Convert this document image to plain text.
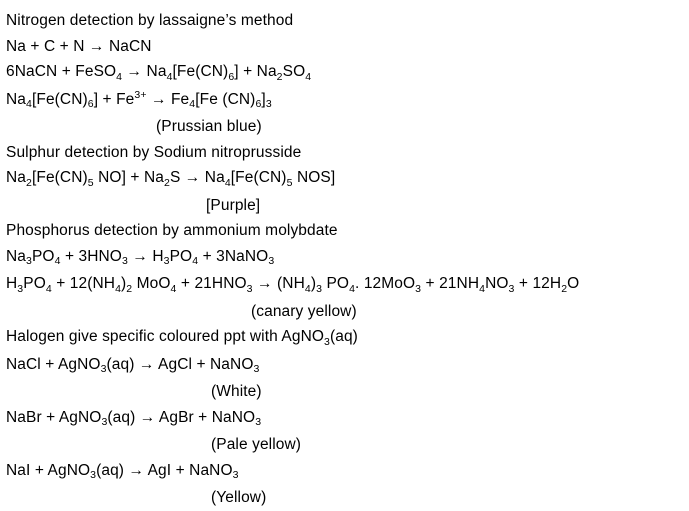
Nitrogen detection by lassaigne’s method
Na + C + N → NaCN
6NaCN + FeSO$_4$ → $Na_4[Fe(CN)_6] + Na_2SO_4$
$Na_4[Fe(CN)_6] + Fe^{3+} \to Fe_4[Fe$ $(CN)_6]_3$
(Prussian blue)
Sulphur detection by Sodium nitroprusside
$Na_2[Fe(CN)_5$ $NO] + Na_2S \to Na_4[Fe(CN)_5$ NOS]
[Purple]
Phosphorus detection by ammonium molybdate
$Na_3PO_4 + 3HNO_3 \to H_3PO_4$ + 3NaNO$_3$
$H_3PO_4 + 12(NH_4)_2$ $MoO_4 + 21HNO_3 \to (NH_4)_3$ $PO_4$. $12MoO_3 + 21NH_4NO_3 + 12H_2O$
(canary yellow)
Halogen give specific coloured ppt with AgNO$_3$(aq)
NaCl + AgNO$_3$(aq) → AgCl + NaNO$_3$
(White)
NaBr + AgNO$_3$(aq) → AgBr + NaNO$_3$
(Pale yellow)
NaI + AgNO$_3$(aq) → AgI + NaNO$_3$
(Yellow)
